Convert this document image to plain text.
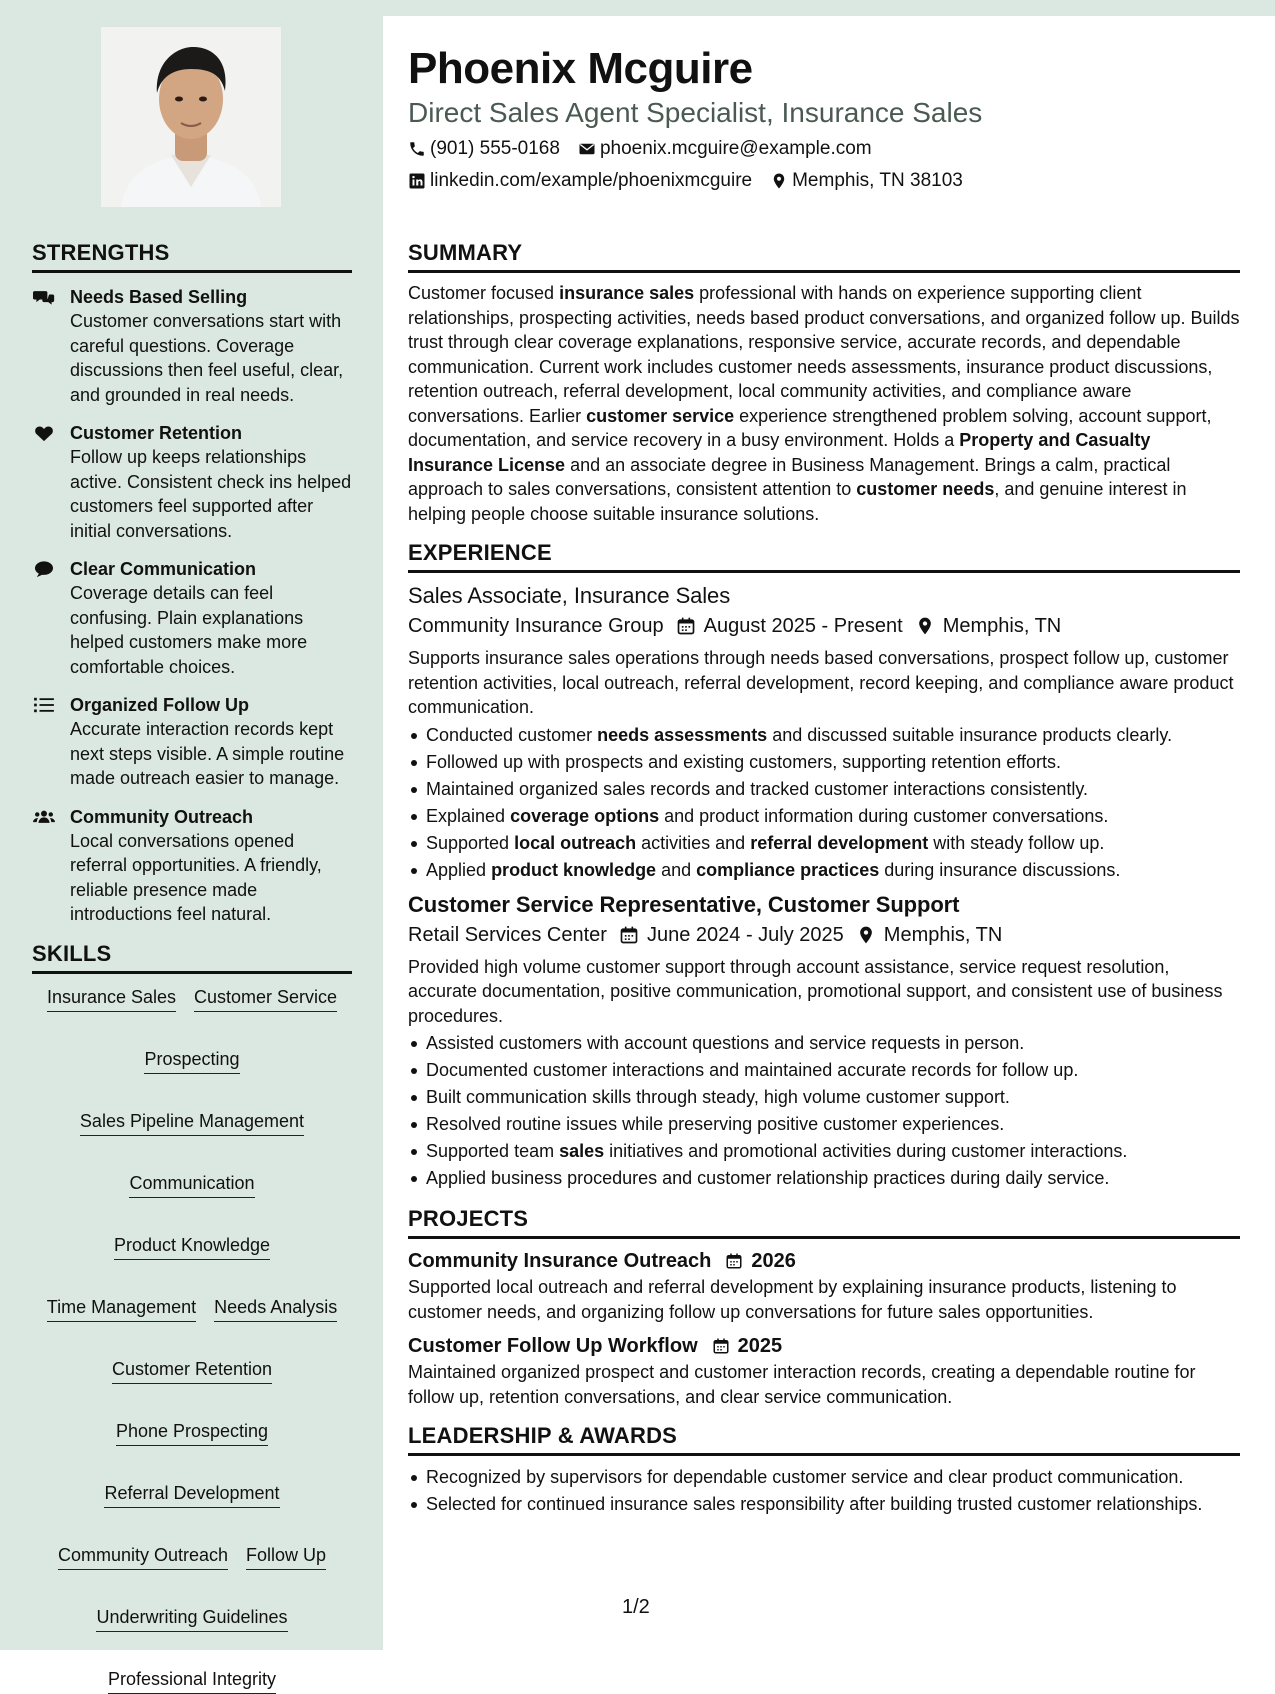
Phoenix Mcguire
Direct Sales Agent Specialist, Insurance Sales
(901) 555-0168 phoenix.mcguire@example.com
linkedin.com/example/phoenixmcguire Memphis, TN 38103
STRENGTHS
Needs Based Selling
Customer conversations start with careful questions. Coverage discussions then feel useful, clear, and grounded in real needs.
Customer Retention
Follow up keeps relationships active. Consistent check ins helped customers feel supported after initial conversations.
Clear Communication
Coverage details can feel confusing. Plain explanations helped customers make more comfortable choices.
Organized Follow Up
Accurate interaction records kept next steps visible. A simple routine made outreach easier to manage.
Community Outreach
Local conversations opened referral opportunities. A friendly, reliable presence made introductions feel natural.
SKILLS
Insurance Sales Customer Service
Prospecting
Sales Pipeline Management
Communication
Product Knowledge
Time Management Needs Analysis
Customer Retention
Phone Prospecting
Referral Development
Community Outreach Follow Up
Underwriting Guidelines
Professional Integrity
SUMMARY
Customer focused insurance sales professional with hands on experience supporting client relationships, prospecting activities, needs based product conversations, and organized follow up. Builds trust through clear coverage explanations, responsive service, accurate records, and dependable communication. Current work includes customer needs assessments, insurance product discussions, retention outreach, referral development, local community activities, and compliance aware conversations. Earlier customer service experience strengthened problem solving, account support, documentation, and service recovery in a busy environment. Holds a Property and Casualty Insurance License and an associate degree in Business Management. Brings a calm, practical approach to sales conversations, consistent attention to customer needs, and genuine interest in helping people choose suitable insurance solutions.
EXPERIENCE
Sales Associate, Insurance Sales
Community Insurance Group August 2025 - Present Memphis, TN
Supports insurance sales operations through needs based conversations, prospect follow up, customer retention activities, local outreach, referral development, record keeping, and compliance aware product communication.
Conducted customer needs assessments and discussed suitable insurance products clearly.
Followed up with prospects and existing customers, supporting retention efforts.
Maintained organized sales records and tracked customer interactions consistently.
Explained coverage options and product information during customer conversations.
Supported local outreach activities and referral development with steady follow up.
Applied product knowledge and compliance practices during insurance discussions.
Customer Service Representative, Customer Support
Retail Services Center June 2024 - July 2025 Memphis, TN
Provided high volume customer support through account assistance, service request resolution, accurate documentation, positive communication, promotional support, and consistent use of business procedures.
Assisted customers with account questions and service requests in person.
Documented customer interactions and maintained accurate records for follow up.
Built communication skills through steady, high volume customer support.
Resolved routine issues while preserving positive customer experiences.
Supported team sales initiatives and promotional activities during customer interactions.
Applied business procedures and customer relationship practices during daily service.
PROJECTS
Community Insurance Outreach 2026
Supported local outreach and referral development by explaining insurance products, listening to customer needs, and organizing follow up conversations for future sales opportunities.
Customer Follow Up Workflow 2025
Maintained organized prospect and customer interaction records, creating a dependable routine for follow up, retention conversations, and clear service communication.
LEADERSHIP & AWARDS
Recognized by supervisors for dependable customer service and clear product communication.
Selected for continued insurance sales responsibility after building trusted customer relationships.
1/2
